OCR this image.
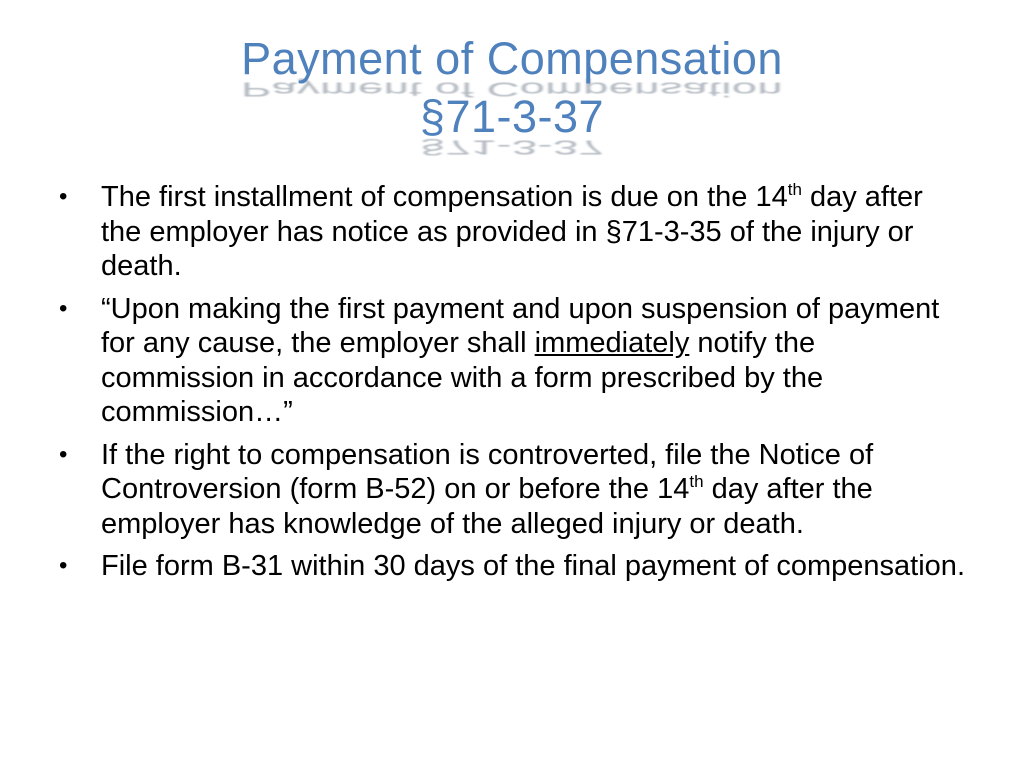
Payment of Compensation
Payment of Compensation

§71-3-37
§71-3-37
• The first installment of compensation is due on the 14th day after the employer has notice as provided in §71-3-35 of the injury or death.
• “Upon making the first payment and upon suspension of payment for any cause, the employer shall immediately notify the commission in accordance with a form prescribed by the commission…”
• If the right to compensation is controverted, file the Notice of Controversion (form B-52) on or before the 14th day after the employer has knowledge of the alleged injury or death.
• File form B-31 within 30 days of the final payment of compensation.
